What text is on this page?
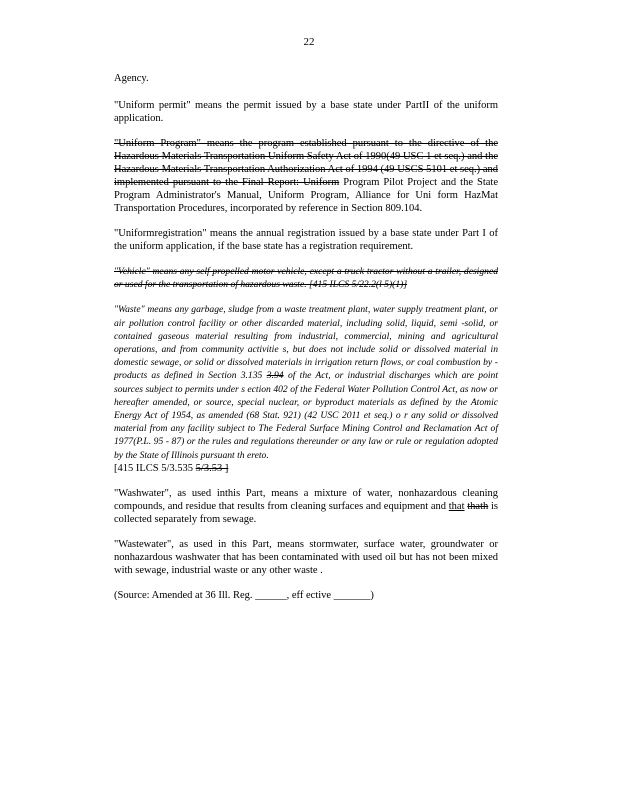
22

Agency.

"Uniform permit" means the permit issued by a base state under PartII of the uniform application.

"Uniform Program" means the program established pursuant to the directive of the Hazardous Materials Transportation Uniform Safety Act of 1990(49 USC 1 et seq.) and the Hazardous Materials Transportation Authorization Act of 1994 (49 USCS 5101 et seq.) and implemented pursuant to the Final Report: Uniform Program Pilot Project and the State Program Administrator's Manual, Uniform Program, Alliance for Uni form HazMat Transportation Procedures, incorporated by reference in Section 809.104.

"Uniformregistration" means the annual registration issued by a base state under Part I of the uniform application, if the base state has a registration requirement.

"Vehicle" means any self propelled motor vehicle, except a truck tractor without a trailer, designed or used for the transportation of hazardous waste. [415 ILCS 5/22.2(l 5)(1)]

"Waste" means any garbage, sludge from a waste treatment plant, water supply treatment plant, or air pollution control facility or other discarded material, including solid, liquid, semi -solid, or contained gaseous material resulting from industrial, commercial, mining and agricultural operations, and from community activitie s, but does not include solid or dissolved material in domestic sewage, or solid or dissolved materials in irrigation return flows, or coal combustion by - products as defined in Section 3.135 3.94 of the Act, or industrial discharges which are point sources subject to permits under s ection 402 of the Federal Water Pollution Control Act, as now or hereafter amended, or source, special nuclear, or byproduct materials as defined by the Atomic Energy Act of 1954, as amended (68 Stat. 921) (42 USC 2011 et seq.) o r any solid or dissolved material from any facility subject to The Federal Surface Mining Control and Reclamation Act of 1977(P.L. 95 - 87) or the rules and regulations thereunder or any law or rule or regulation adopted by the State of Illinois pursuant th ereto.
[415 ILCS 5/3.535 5/3.53 ]

"Washwater", as used inthis Part, means a mixture of water, nonhazardous cleaning compounds, and residue that results from cleaning surfaces and equipment and that thath is collected separately from sewage.

"Wastewater", as used in this Part, means stormwater, surface water, groundwater or nonhazardous washwater that has been contaminated with used oil but has not been mixed with sewage, industrial waste or any other waste .

(Source: Amended at 36 Ill. Reg. ______, eff ective _______)
